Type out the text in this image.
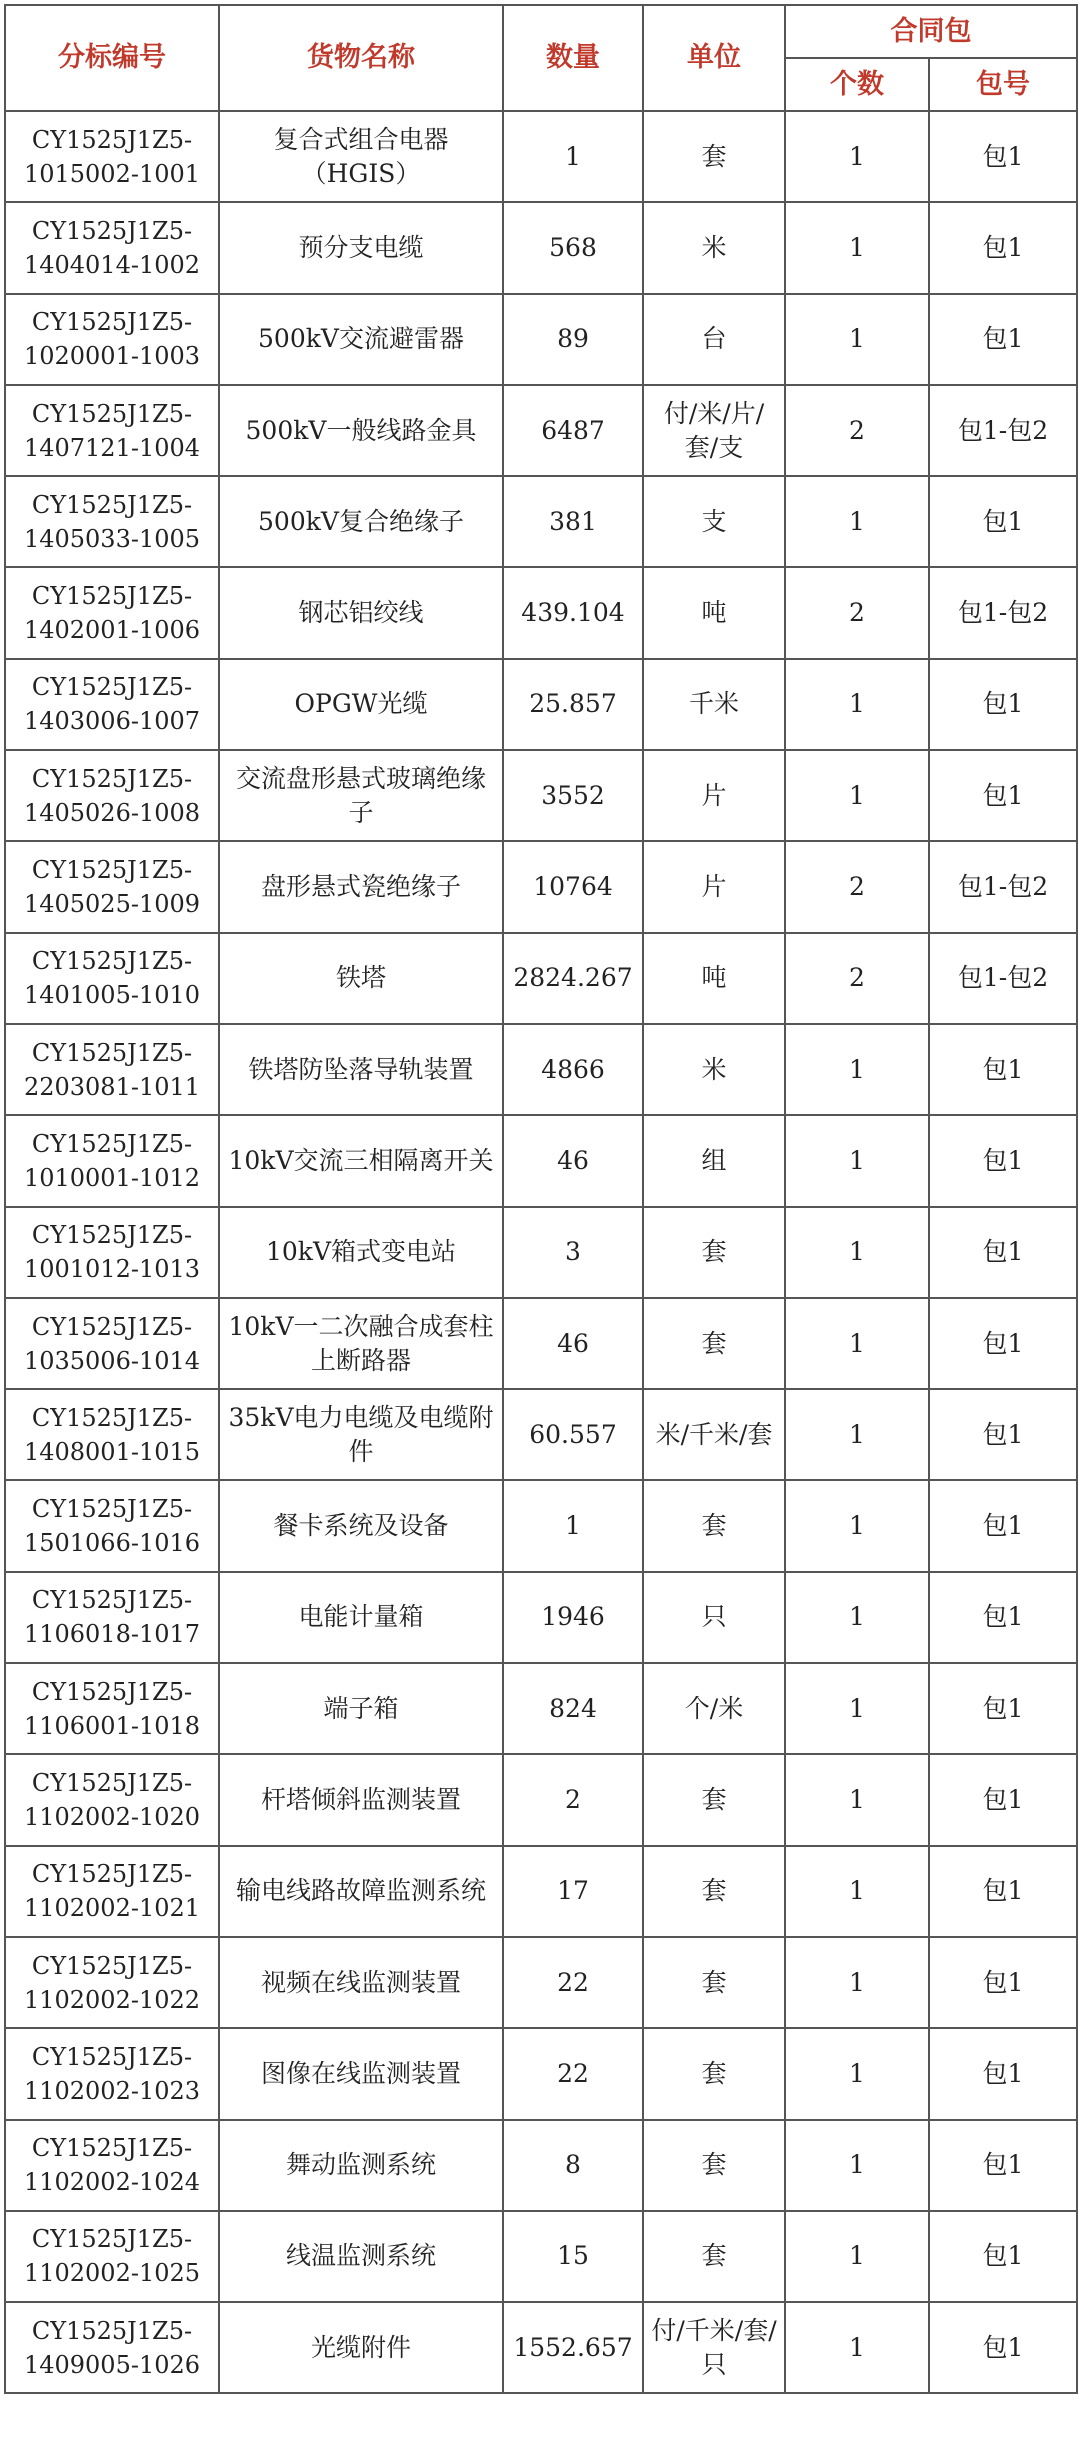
分标编号	货物名称	数量	单位	合同包	
				个数	包号
CY1525J1Z5-1015002-1001	复合式组合电器（HGIS）	1	套	1	包1
CY1525J1Z5-1404014-1002	预分支电缆	568	米	1	包1
CY1525J1Z5-1020001-1003	500kV交流避雷器	89	台	1	包1
CY1525J1Z5-1407121-1004	500kV一般线路金具	6487	付/米/片/套/支	2	包1-包2
CY1525J1Z5-1405033-1005	500kV复合绝缘子	381	支	1	包1
CY1525J1Z5-1402001-1006	钢芯铝绞线	439.104	吨	2	包1-包2
CY1525J1Z5-1403006-1007	OPGW光缆	25.857	千米	1	包1
CY1525J1Z5-1405026-1008	交流盘形悬式玻璃绝缘子	3552	片	1	包1
CY1525J1Z5-1405025-1009	盘形悬式瓷绝缘子	10764	片	2	包1-包2
CY1525J1Z5-1401005-1010	铁塔	2824.267	吨	2	包1-包2
CY1525J1Z5-2203081-1011	铁塔防坠落导轨装置	4866	米	1	包1
CY1525J1Z5-1010001-1012	10kV交流三相隔离开关	46	组	1	包1
CY1525J1Z5-1001012-1013	10kV箱式变电站	3	套	1	包1
CY1525J1Z5-1035006-1014	10kV一二次融合成套柱上断路器	46	套	1	包1
CY1525J1Z5-1408001-1015	35kV电力电缆及电缆附件	60.557	米/千米/套	1	包1
CY1525J1Z5-1501066-1016	餐卡系统及设备	1	套	1	包1
CY1525J1Z5-1106018-1017	电能计量箱	1946	只	1	包1
CY1525J1Z5-1106001-1018	端子箱	824	个/米	1	包1
CY1525J1Z5-1102002-1020	杆塔倾斜监测装置	2	套	1	包1
CY1525J1Z5-1102002-1021	输电线路故障监测系统	17	套	1	包1
CY1525J1Z5-1102002-1022	视频在线监测装置	22	套	1	包1
CY1525J1Z5-1102002-1023	图像在线监测装置	22	套	1	包1
CY1525J1Z5-1102002-1024	舞动监测系统	8	套	1	包1
CY1525J1Z5-1102002-1025	线温监测系统	15	套	1	包1
CY1525J1Z5-1409005-1026	光缆附件	1552.657	付/千米/套/只	1	包1
